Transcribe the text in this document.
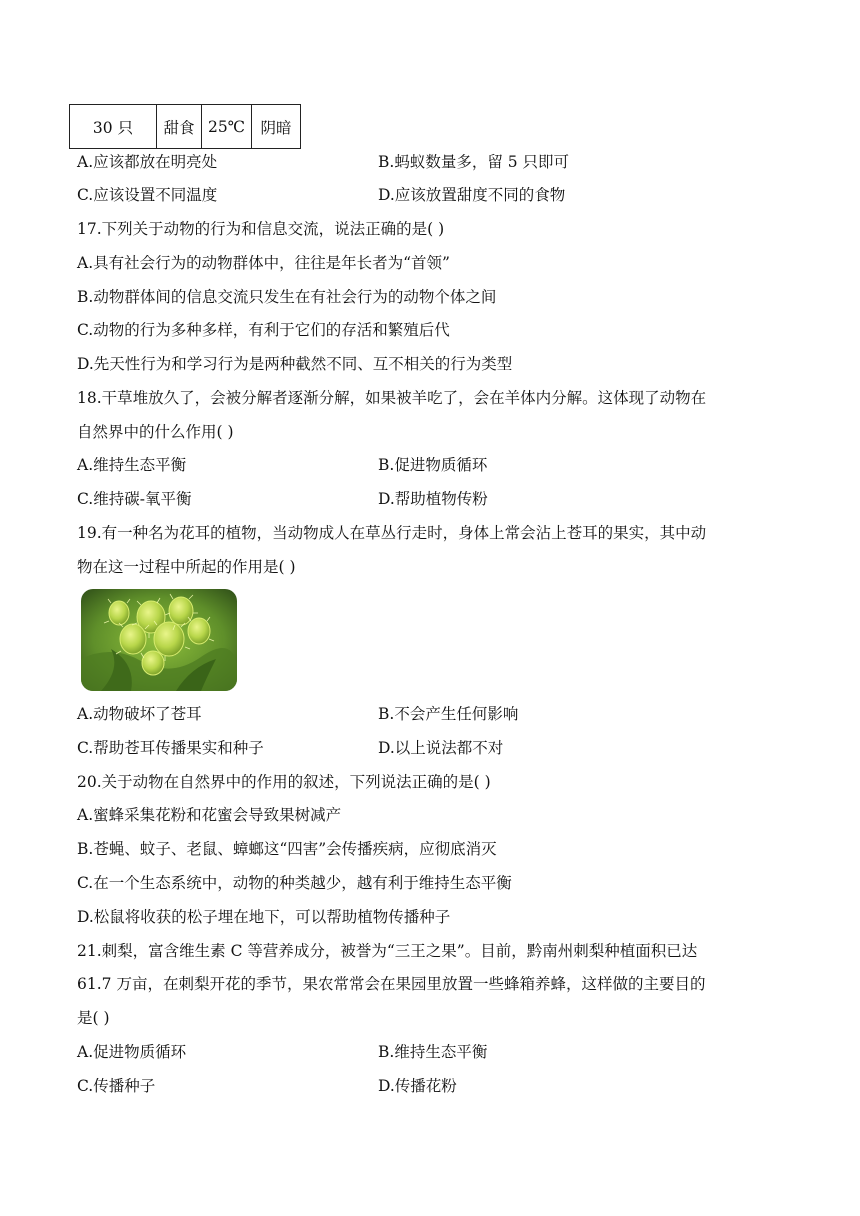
30 只	甜食	25℃	阴暗
A.应该都放在明亮处	B.蚂蚁数量多，留 5 只即可
C.应该设置不同温度	D.应该放置甜度不同的食物
17.下列关于动物的行为和信息交流，说法正确的是( )
A.具有社会行为的动物群体中，往往是年长者为“首领”
B.动物群体间的信息交流只发生在有社会行为的动物个体之间
C.动物的行为多种多样，有利于它们的存活和繁殖后代
D.先天性行为和学习行为是两种截然不同、互不相关的行为类型
18.干草堆放久了，会被分解者逐渐分解，如果被羊吃了，会在羊体内分解。这体现了动物在
自然界中的什么作用( )
A.维持生态平衡	B.促进物质循环
C.维持碳-氧平衡	D.帮助植物传粉
19.有一种名为花耳的植物，当动物成人在草丛行走时，身体上常会沾上苍耳的果实，其中动
物在这一过程中所起的作用是( )
A.动物破坏了苍耳	B.不会产生任何影响
C.帮助苍耳传播果实和种子	D.以上说法都不对
20.关于动物在自然界中的作用的叙述，下列说法正确的是( )
A.蜜蜂采集花粉和花蜜会导致果树减产
B.苍蝇、蚊子、老鼠、蟑螂这“四害”会传播疾病，应彻底消灭
C.在一个生态系统中，动物的种类越少，越有利于维持生态平衡
D.松鼠将收获的松子埋在地下，可以帮助植物传播种子
21.刺梨，富含维生素 C 等营养成分，被誉为“三王之果”。目前，黔南州刺梨种植面积已达
61.7 万亩，在刺梨开花的季节，果农常常会在果园里放置一些蜂箱养蜂，这样做的主要目的
是( )
A.促进物质循环	B.维持生态平衡
C.传播种子	D.传播花粉
